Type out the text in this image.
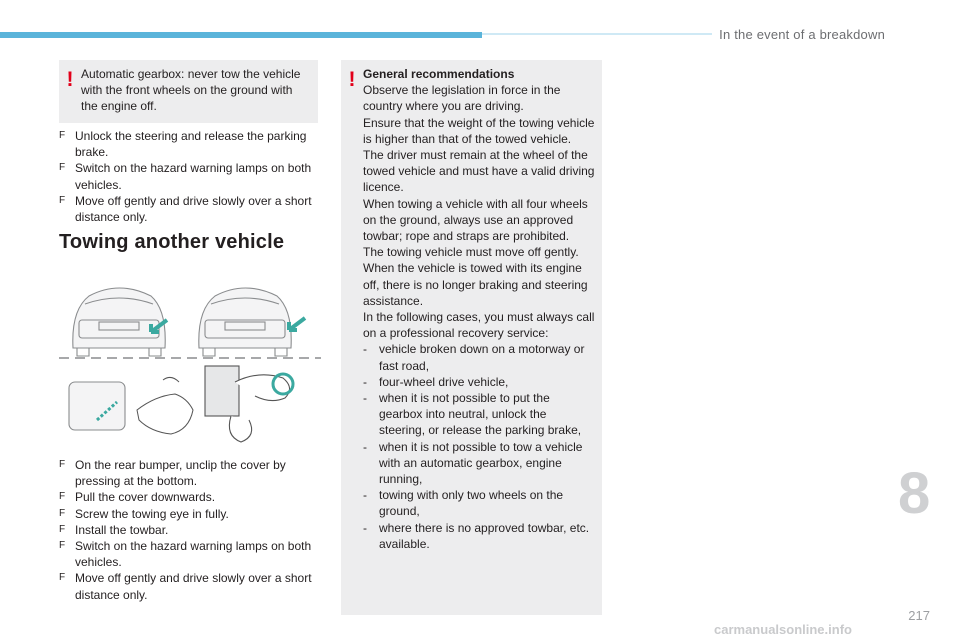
In the event of a breakdown
! Automatic gearbox: never tow the vehicle with the front wheels on the ground with the engine off.
F Unlock the steering and release the parking brake.
F Switch on the hazard warning lamps on both vehicles.
F Move off gently and drive slowly over a short distance only.
Towing another vehicle
F On the rear bumper, unclip the cover by pressing at the bottom.
F Pull the cover downwards.
F Screw the towing eye in fully.
F Install the towbar.
F Switch on the hazard warning lamps on both vehicles.
F Move off gently and drive slowly over a short distance only.
! General recommendations
Observe the legislation in force in the country where you are driving.
Ensure that the weight of the towing vehicle is higher than that of the towed vehicle.
The driver must remain at the wheel of the towed vehicle and must have a valid driving licence.
When towing a vehicle with all four wheels on the ground, always use an approved towbar; rope and straps are prohibited.
The towing vehicle must move off gently.
When the vehicle is towed with its engine off, there is no longer braking and steering assistance.
In the following cases, you must always call on a professional recovery service:
- vehicle broken down on a motorway or fast road,
- four-wheel drive vehicle,
- when it is not possible to put the gearbox into neutral, unlock the steering, or release the parking brake,
- when it is not possible to tow a vehicle with an automatic gearbox, engine running,
- towing with only two wheels on the ground,
- where there is no approved towbar, etc. available.
8
217
carmanualsonline.info
